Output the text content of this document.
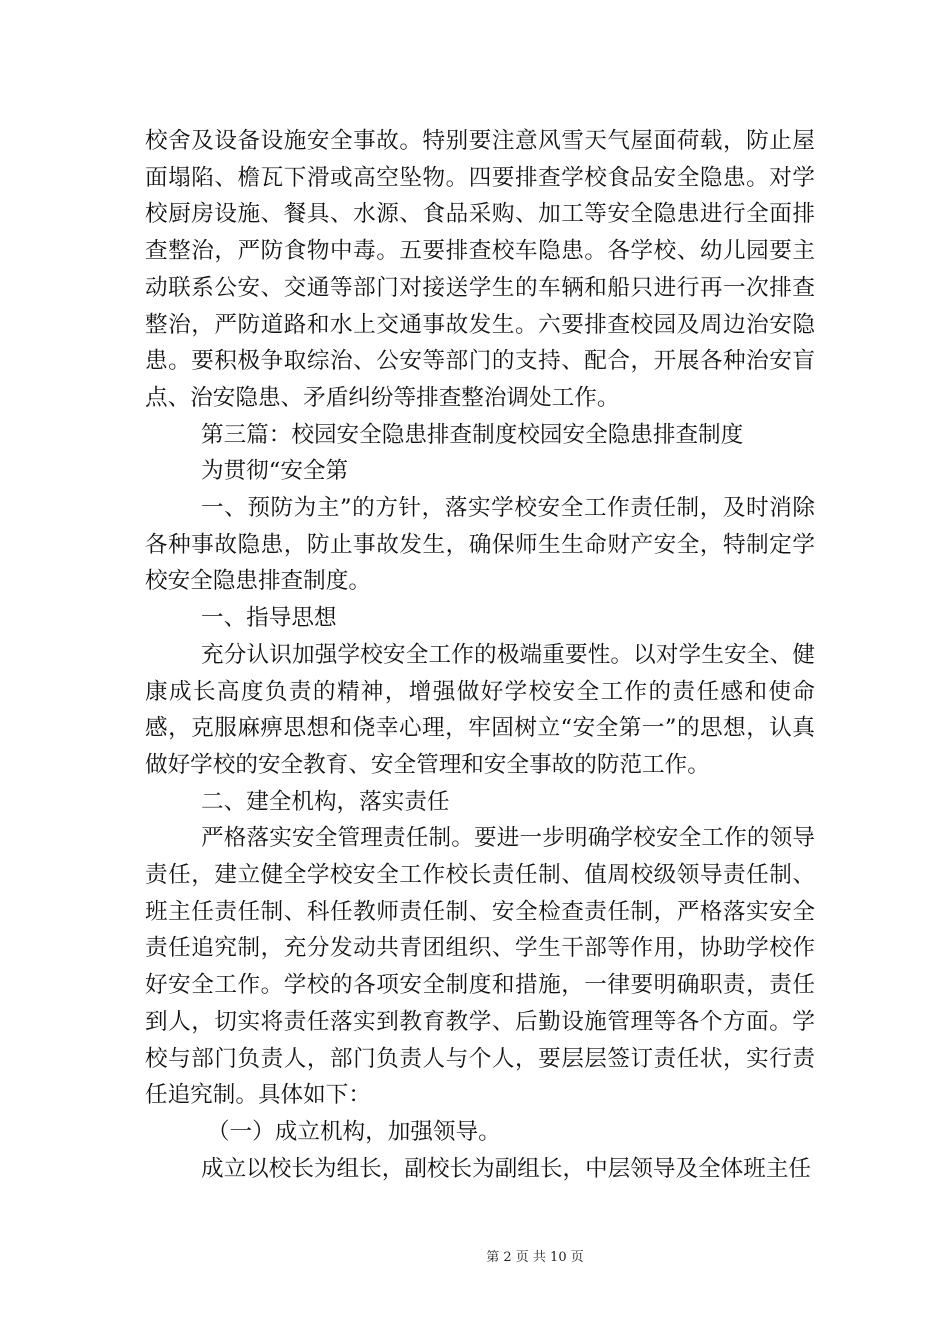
校舍及设备设施安全事故。特别要注意风雪天气屋面荷载，防止屋面塌陷、檐瓦下滑或高空坠物。四要排查学校食品安全隐患。对学校厨房设施、餐具、水源、食品采购、加工等安全隐患进行全面排查整治，严防食物中毒。五要排查校车隐患。各学校、幼儿园要主动联系公安、交通等部门对接送学生的车辆和船只进行再一次排查整治，严防道路和水上交通事故发生。六要排查校园及周边治安隐患。要积极争取综治、公安等部门的支持、配合，开展各种治安盲点、治安隐患、矛盾纠纷等排查整治调处工作。

第三篇：校园安全隐患排查制度校园安全隐患排查制度

为贯彻“安全第

一、预防为主”的方针，落实学校安全工作责任制，及时消除各种事故隐患，防止事故发生，确保师生生命财产安全，特制定学校安全隐患排查制度。

一、指导思想

充分认识加强学校安全工作的极端重要性。以对学生安全、健康成长高度负责的精神，增强做好学校安全工作的责任感和使命感，克服麻痹思想和侥幸心理，牢固树立“安全第一”的思想，认真做好学校的安全教育、安全管理和安全事故的防范工作。

二、建全机构，落实责任

严格落实安全管理责任制。要进一步明确学校安全工作的领导责任，建立健全学校安全工作校长责任制、值周校级领导责任制、班主任责任制、科任教师责任制、安全检查责任制，严格落实安全责任追究制，充分发动共青团组织、学生干部等作用，协助学校作好安全工作。学校的各项安全制度和措施，一律要明确职责，责任到人，切实将责任落实到教育教学、后勤设施管理等各个方面。学校与部门负责人，部门负责人与个人，要层层签订责任状，实行责任追究制。具体如下：

（一）成立机构，加强领导。

成立以校长为组长，副校长为副组长，中层领导及全体班主任

第 2 页 共 10 页
